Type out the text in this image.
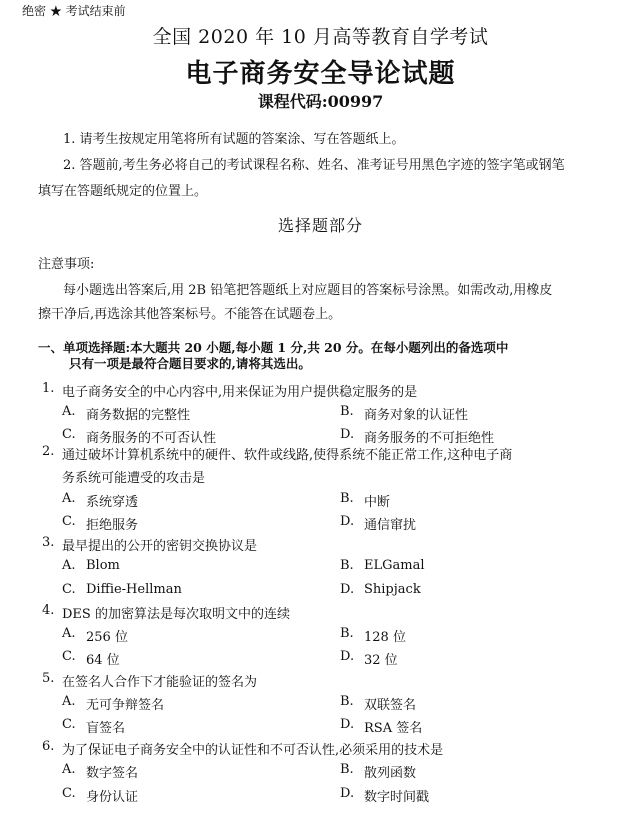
绝密 ★ 考试结束前
全国 2020 年 10 月高等教育自学考试
电子商务安全导论试题
课程代码:00997
1. 请考生按规定用笔将所有试题的答案涂、写在答题纸上。
2. 答题前,考生务必将自己的考试课程名称、姓名、准考证号用黑色字迹的签字笔或钢笔
填写在答题纸规定的位置上。
选择题部分
注意事项:
每小题选出答案后,用 2B 铅笔把答题纸上对应题目的答案标号涂黑。如需改动,用橡皮
擦干净后,再选涂其他答案标号。不能答在试题卷上。
一、单项选择题:本大题共 20 小题,每小题 1 分,共 20 分。在每小题列出的备选项中
只有一项是最符合题目要求的,请将其选出。
1. 电子商务安全的中心内容中,用来保证为用户提供稳定服务的是
A. 商务数据的完整性	B. 商务对象的认证性
C. 商务服务的不可否认性	D. 商务服务的不可拒绝性
2. 通过破坏计算机系统中的硬件、软件或线路,使得系统不能正常工作,这种电子商
务系统可能遭受的攻击是
A. 系统穿透	B. 中断
C. 拒绝服务	D. 通信窜扰
3. 最早提出的公开的密钥交换协议是
A. Blom	B. ELGamal
C. Diffie-Hellman	D. Shipjack
4. DES 的加密算法是每次取明文中的连续
A. 256 位	B. 128 位
C. 64 位	D. 32 位
5. 在签名人合作下才能验证的签名为
A. 无可争辩签名	B. 双联签名
C. 盲签名	D. RSA 签名
6. 为了保证电子商务安全中的认证性和不可否认性,必须采用的技术是
A. 数字签名	B. 散列函数
C. 身份认证	D. 数字时间戳
